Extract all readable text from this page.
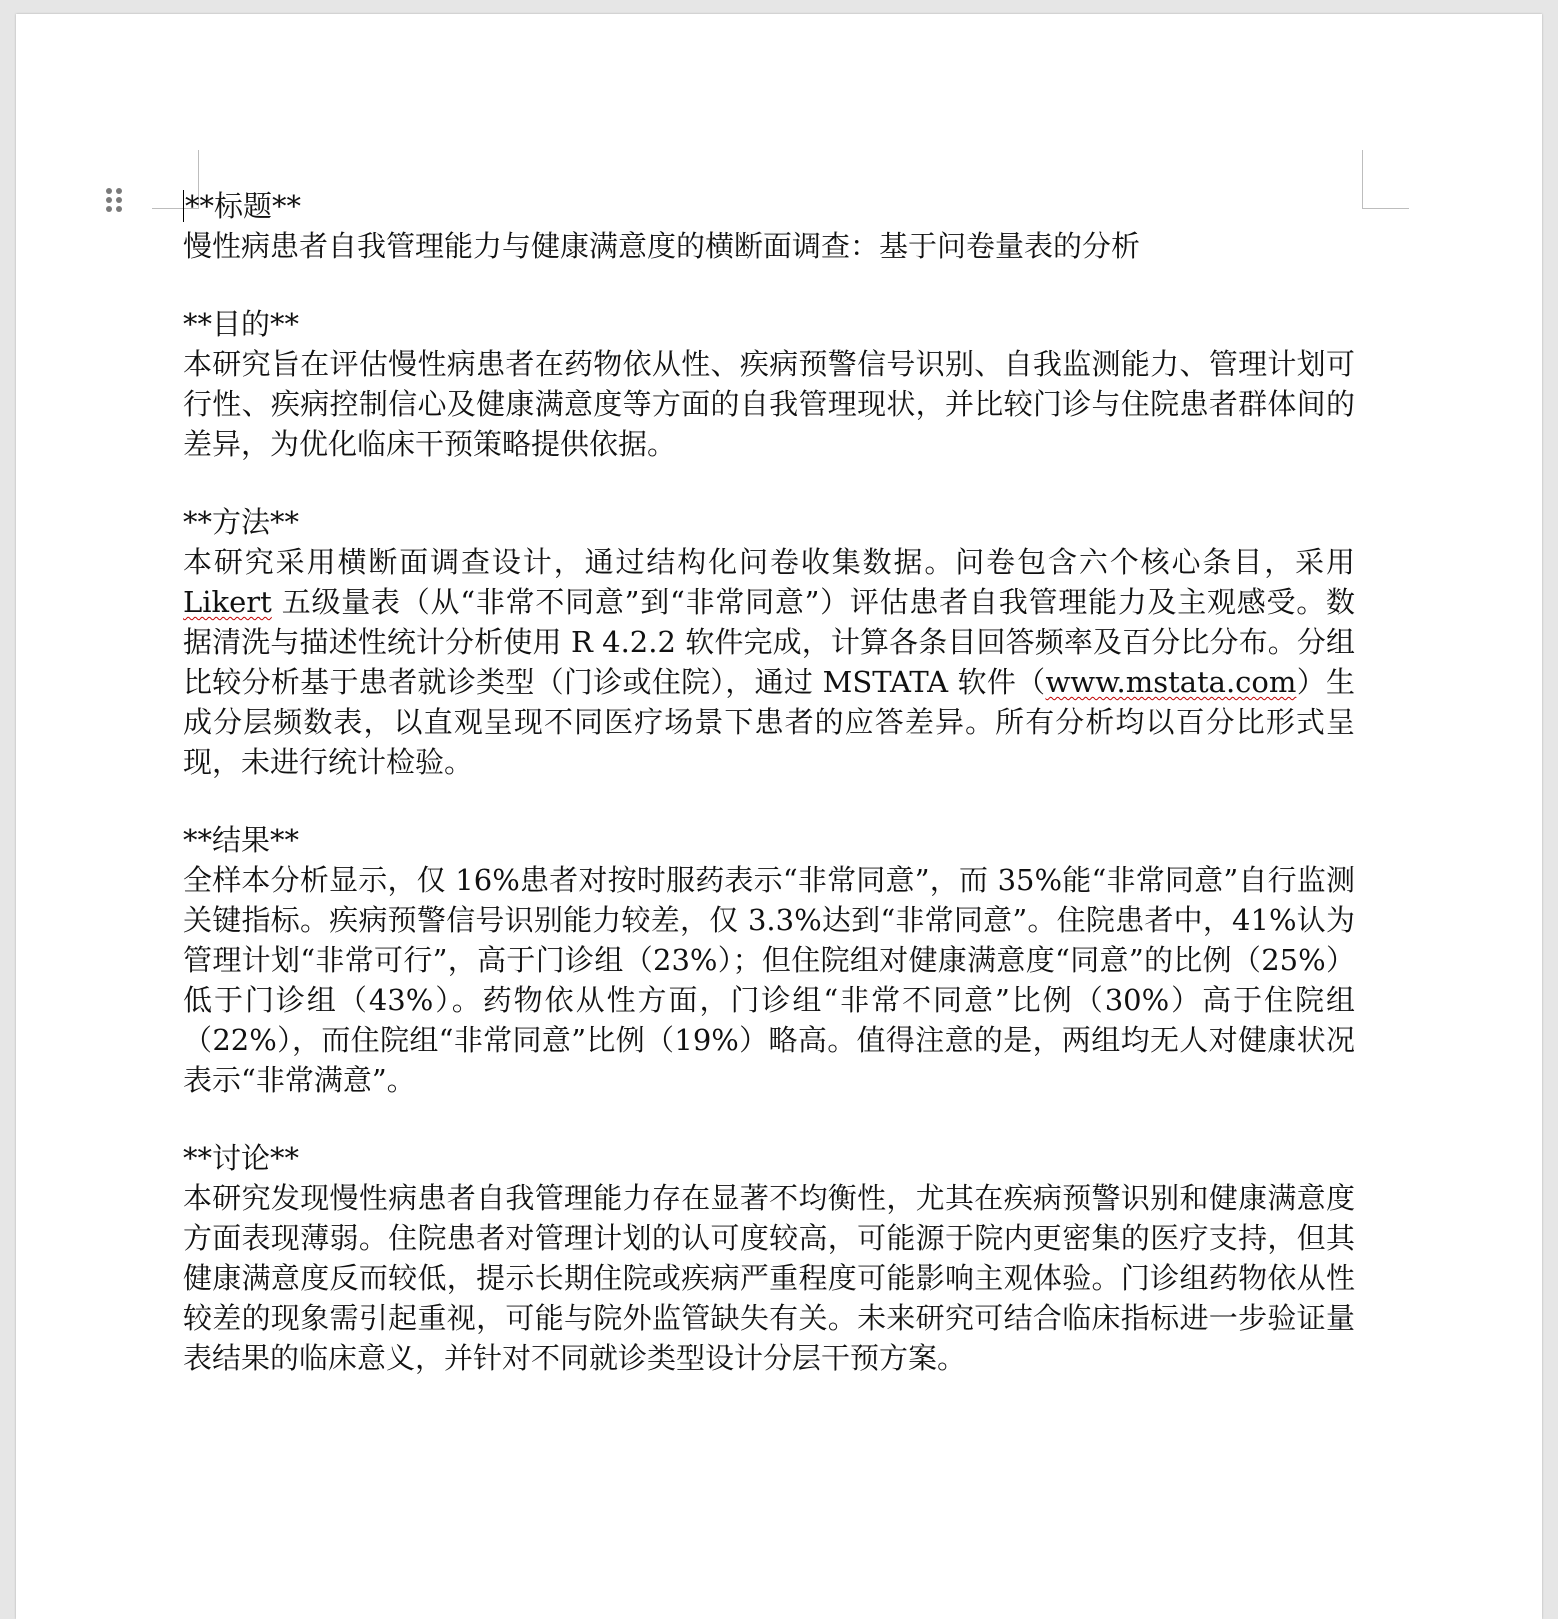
**标题**
慢性病患者自我管理能力与健康满意度的横断面调查：基于问卷量表的分析
**目的**
本研究旨在评估慢性病患者在药物依从性、疾病预警信号识别、自我监测能力、管理计划可行性、疾病控制信心及健康满意度等方面的自我管理现状，并比较门诊与住院患者群体间的差异，为优化临床干预策略提供依据。
**方法**
本研究采用横断面调查设计，通过结构化问卷收集数据。问卷包含六个核心条目，采用 Likert 五级量表（从“非常不同意”到“非常同意”）评估患者自我管理能力及主观感受。数据清洗与描述性统计分析使用 R 4.2.2 软件完成，计算各条目回答频率及百分比分布。分组比较分析基于患者就诊类型（门诊或住院），通过 MSTATA 软件（www.mstata.com）生成分层频数表，以直观呈现不同医疗场景下患者的应答差异。所有分析均以百分比形式呈现，未进行统计检验。
**结果**
全样本分析显示，仅 16%患者对按时服药表示“非常同意”，而 35%能“非常同意”自行监测关键指标。疾病预警信号识别能力较差，仅 3.3%达到“非常同意”。住院患者中，41%认为管理计划“非常可行”，高于门诊组（23%）；但住院组对健康满意度“同意”的比例（25%）低于门诊组（43%）。药物依从性方面，门诊组“非常不同意”比例（30%）高于住院组（22%），而住院组“非常同意”比例（19%）略高。值得注意的是，两组均无人对健康状况表示“非常满意”。
**讨论**
本研究发现慢性病患者自我管理能力存在显著不均衡性，尤其在疾病预警识别和健康满意度方面表现薄弱。住院患者对管理计划的认可度较高，可能源于院内更密集的医疗支持，但其健康满意度反而较低，提示长期住院或疾病严重程度可能影响主观体验。门诊组药物依从性较差的现象需引起重视，可能与院外监管缺失有关。未来研究可结合临床指标进一步验证量表结果的临床意义，并针对不同就诊类型设计分层干预方案。
